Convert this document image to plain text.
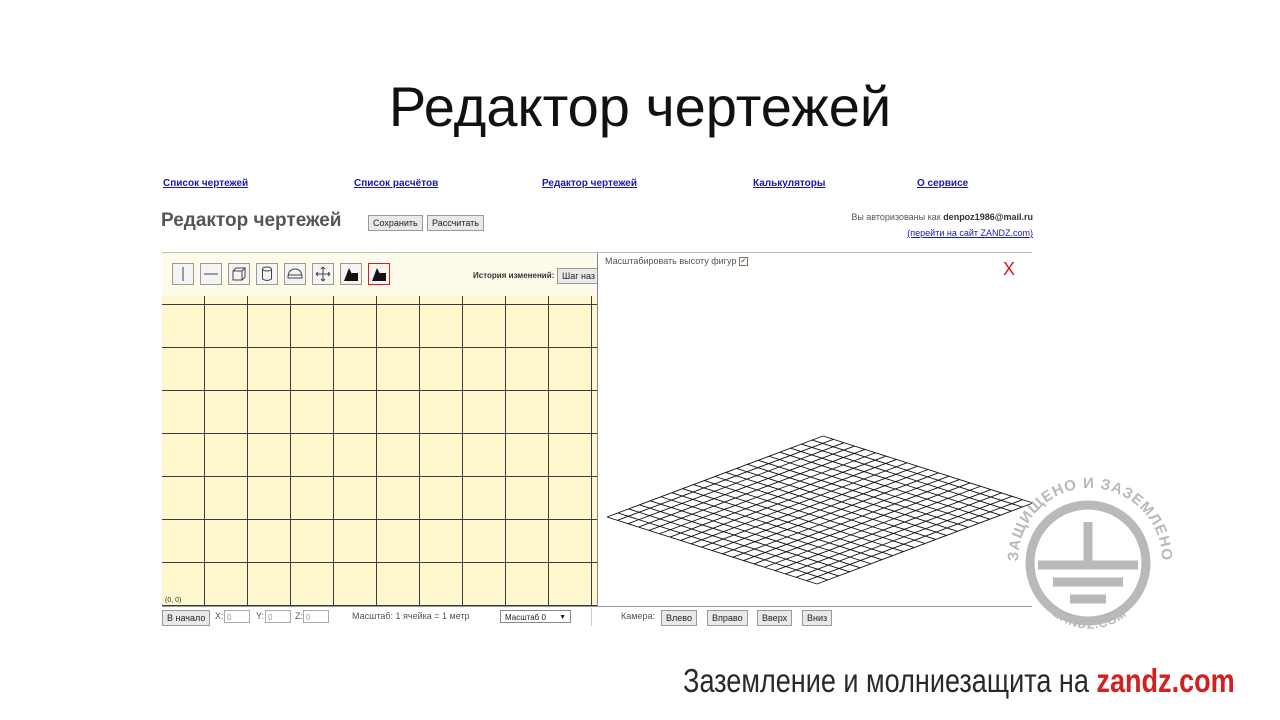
Редактор чертежей
Список чертежей	Список расчётов	Редактор чертежей	Калькуляторы	О сервисе
Редактор чертежей	Сохранить	Рассчитать
Вы авторизованы как denpoz1986@mail.ru
(перейти на сайт ZANDZ.com)
История изменений: Шаг наз
(0, 0)
Масштабировать высоту фигур ✔	X
В начало	X: 0	Y: 0	Z: 0	Масштаб: 1 ячейка = 1 метр	Масштаб 0 ▼	Камера:	Влево	Вправо	Вверх	Вниз
ЗАЩИЩЕНО И ЗАЗЕМЛЕНО
ZANDZ.COM
Заземление и молниезащита на zandz.com
